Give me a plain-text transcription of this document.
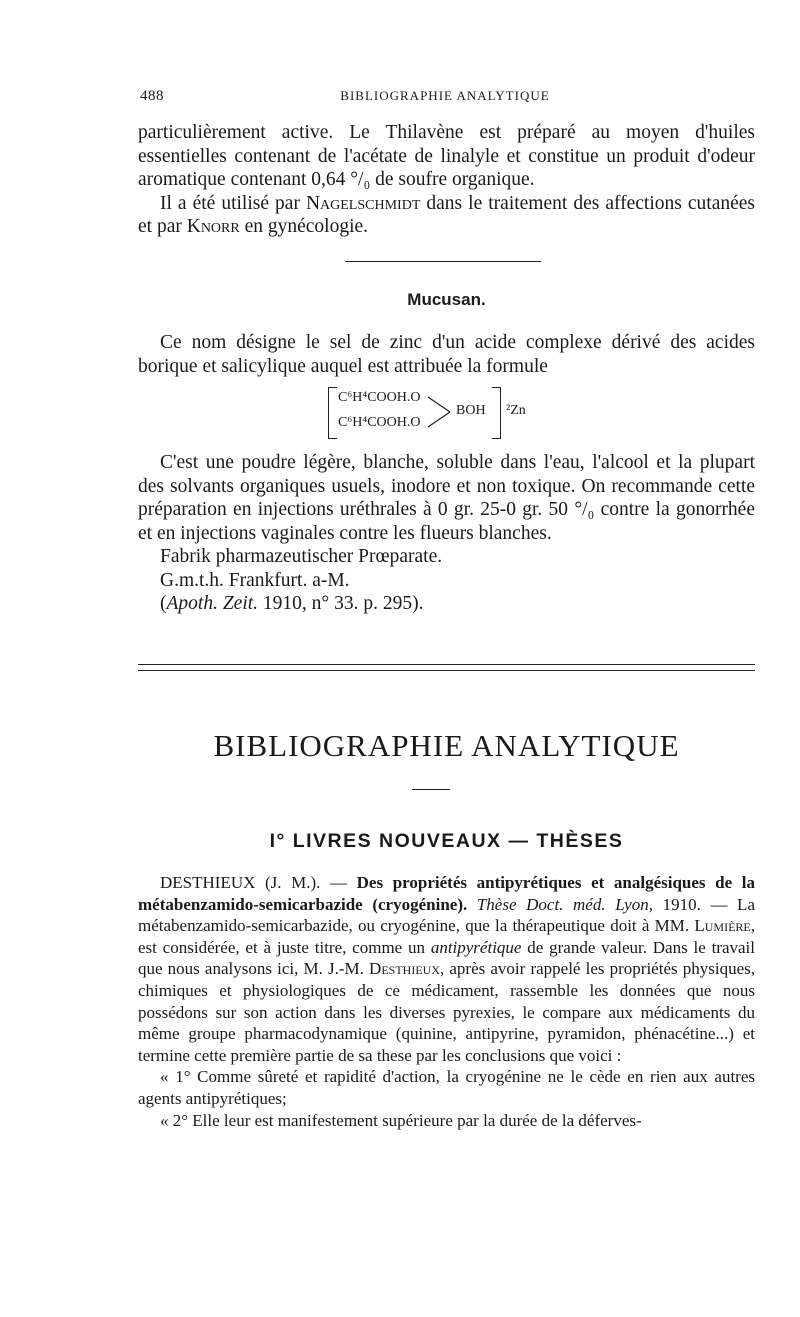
488	BIBLIOGRAPHIE ANALYTIQUE

particulièrement active. Le Thilavène est préparé au moyen d'huiles essentielles contenant de l'acétate de linalyle et constitue un produit d'odeur aromatique contenant 0,64 °/₀ de soufre organique.

Il a été utilisé par Nagelschmidt dans le traitement des affections cutanées et par Knorr en gynécologie.

Mucusan.

Ce nom désigne le sel de zinc d'un acide complexe dérivé des acides borique et salicylique auquel est attribuée la formule

C⁶H⁴COOH.O
C⁶H⁴COOH.O
BOH ²Zn

C'est une poudre légère, blanche, soluble dans l'eau, l'alcool et la plupart des solvants organiques usuels, inodore et non toxique. On recommande cette préparation en injections uréthrales à 0 gr. 25-0 gr. 50 °/₀ contre la gonorrhée et en injections vaginales contre les flueurs blanches.

Fabrik pharmazeutischer Prœparate.

G.m.t.h. Frankfurt. a-M.

(Apoth. Zeit. 1910, n° 33. p. 295).

BIBLIOGRAPHIE ANALYTIQUE
I° LIVRES NOUVEAUX — THÈSES

DESTHIEUX (J. M.). — Des propriétés antipyrétiques et analgésiques de la métabenzamido-semicarbazide (cryogénine). Thèse Doct. méd. Lyon, 1910. — La métabenzamido-semicarbazide, ou cryogénine, que la thérapeutique doit à MM. Lumière, est considérée, et à juste titre, comme un antipyrétique de grande valeur. Dans le travail que nous analysons ici, M. J.-M. Desthieux, après avoir rappelé les propriétés physiques, chimiques et physiologiques de ce médicament, rassemble les données que nous possédons sur son action dans les diverses pyrexies, le compare aux médicaments du même groupe pharmacodynamique (quinine, antipyrine, pyramidon, phénacétine...) et termine cette première partie de sa these par les conclusions que voici :

« 1° Comme sûreté et rapidité d'action, la cryogénine ne le cède en rien aux autres agents antipyrétiques;

« 2° Elle leur est manifestement supérieure par la durée de la déferves-
